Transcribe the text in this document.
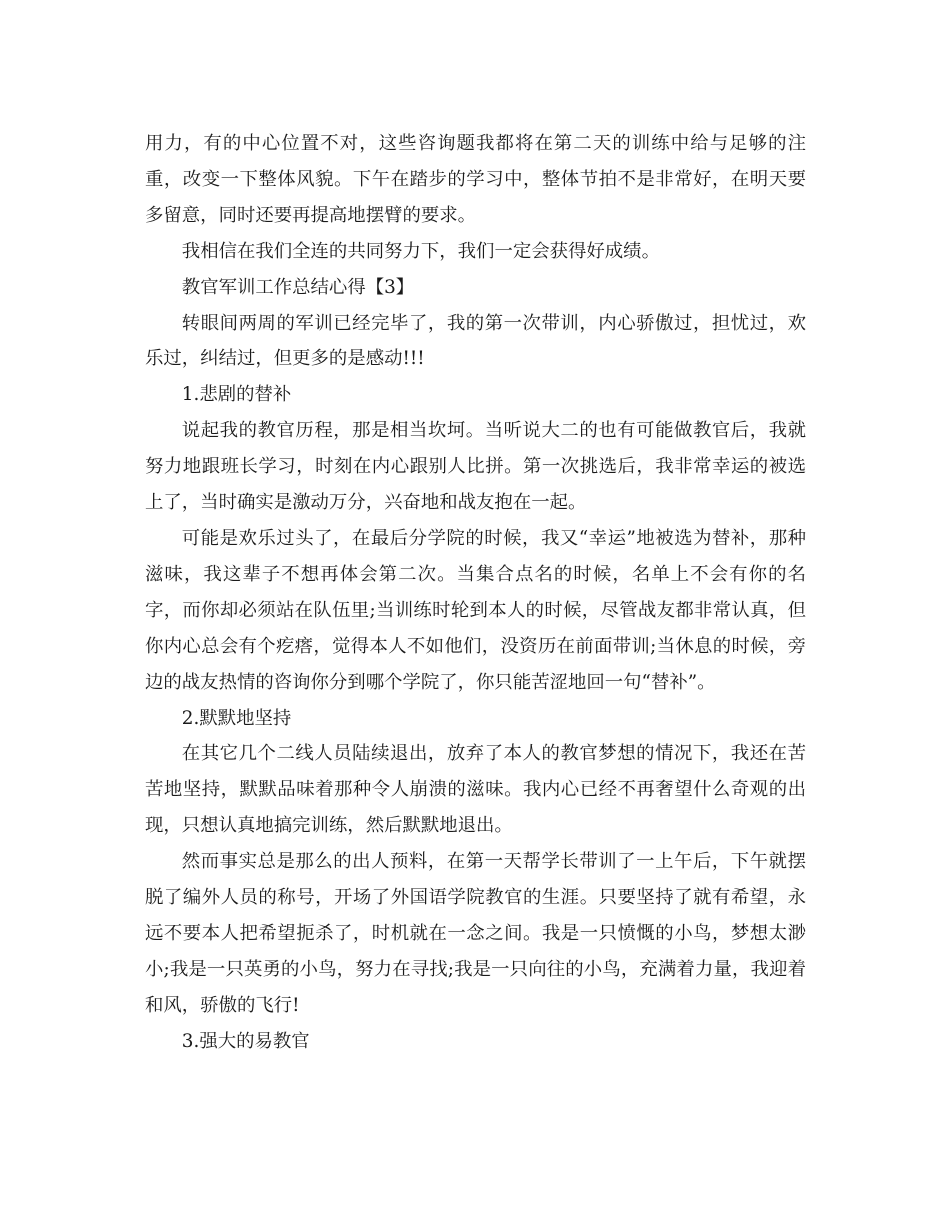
用力，有的中心位置不对，这些咨询题我都将在第二天的训练中给与足够的注重，改变一下整体风貌。下午在踏步的学习中，整体节拍不是非常好，在明天要多留意，同时还要再提高地摆臂的要求。

我相信在我们全连的共同努力下，我们一定会获得好成绩。

教官军训工作总结心得【3】

转眼间两周的军训已经完毕了，我的第一次带训，内心骄傲过，担忧过，欢乐过，纠结过，但更多的是感动!!!

1.悲剧的替补

说起我的教官历程，那是相当坎坷。当听说大二的也有可能做教官后，我就努力地跟班长学习，时刻在内心跟别人比拼。第一次挑选后，我非常幸运的被选上了，当时确实是激动万分，兴奋地和战友抱在一起。

可能是欢乐过头了，在最后分学院的时候，我又“幸运”地被选为替补，那种滋味，我这辈子不想再体会第二次。当集合点名的时候，名单上不会有你的名字，而你却必须站在队伍里;当训练时轮到本人的时候，尽管战友都非常认真，但你内心总会有个疙瘩，觉得本人不如他们，没资历在前面带训;当休息的时候，旁边的战友热情的咨询你分到哪个学院了，你只能苦涩地回一句“替补”。

2.默默地坚持

在其它几个二线人员陆续退出，放弃了本人的教官梦想的情况下，我还在苦苦地坚持，默默品味着那种令人崩溃的滋味。我内心已经不再奢望什么奇观的出现，只想认真地搞完训练，然后默默地退出。

然而事实总是那么的出人预料，在第一天帮学长带训了一上午后，下午就摆脱了编外人员的称号，开场了外国语学院教官的生涯。只要坚持了就有希望，永远不要本人把希望扼杀了，时机就在一念之间。我是一只愤慨的小鸟，梦想太渺小;我是一只英勇的小鸟，努力在寻找;我是一只向往的小鸟，充满着力量，我迎着和风，骄傲的飞行!

3.强大的易教官
